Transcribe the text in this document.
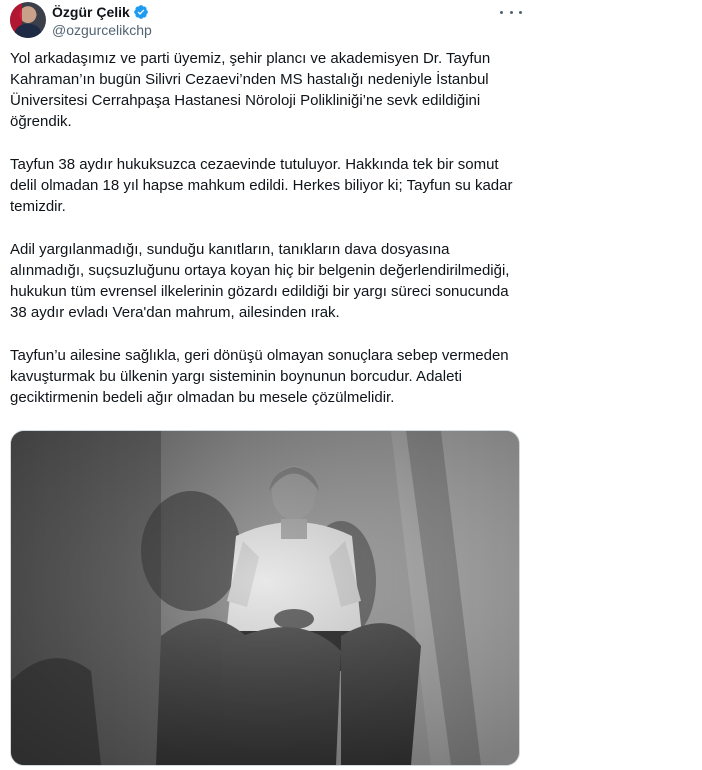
Özgür Çelik
@ozgurcelikchp

Yol arkadaşımız ve parti üyemiz, şehir plancı ve akademisyen Dr. Tayfun Kahraman’ın bugün Silivri Cezaevi’nden MS hastalığı nedeniyle İstanbul Üniversitesi Cerrahpaşa Hastanesi Nöroloji Polikliniği’ne sevk edildiğini öğrendik.

Tayfun 38 aydır hukuksuzca cezaevinde tutuluyor. Hakkında tek bir somut delil olmadan 18 yıl hapse mahkum edildi. Herkes biliyor ki; Tayfun su kadar temizdir.

Adil yargılanmadığı, sunduğu kanıtların, tanıkların dava dosyasına alınmadığı, suçsuzluğunu ortaya koyan hiç bir belgenin değerlendirilmediği, hukukun tüm evrensel ilkelerinin gözardı edildiği bir yargı süreci sonucunda 38 aydır evladı Vera'dan mahrum, ailesinden ırak.

Tayfun’u ailesine sağlıkla, geri dönüşü olmayan sonuçlara sebep vermeden kavuşturmak bu ülkenin yargı sisteminin boynunun borcudur. Adaleti geciktirmenin bedeli ağır olmadan bu mesele çözülmelidir.
